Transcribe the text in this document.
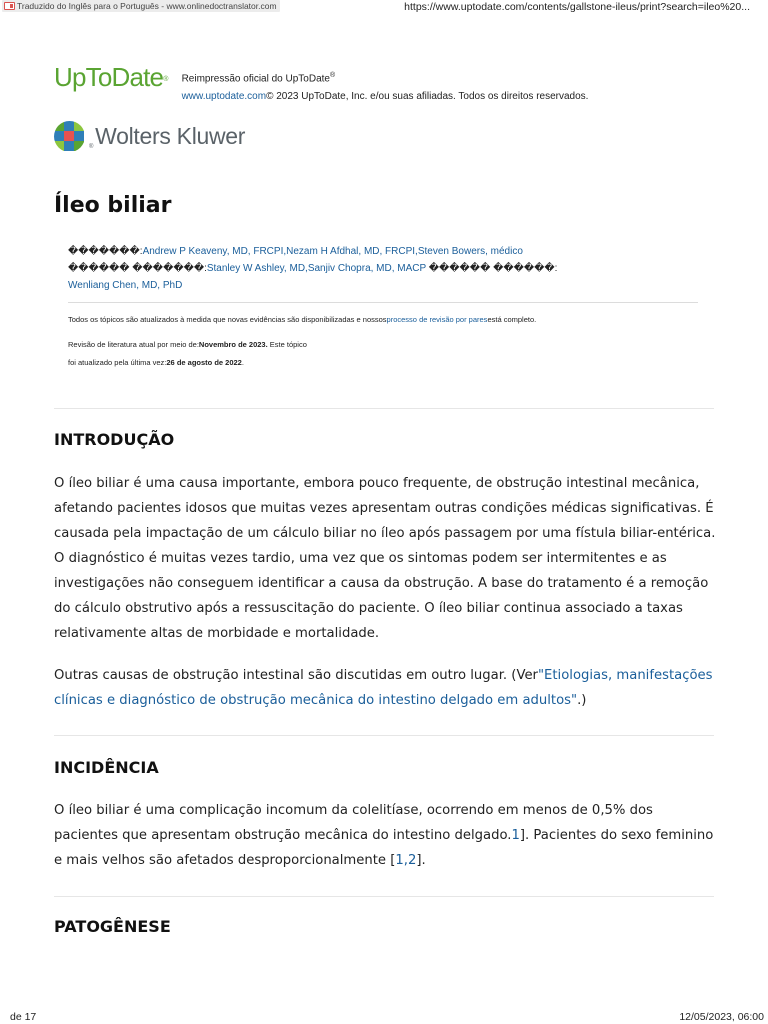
Traduzido do Inglês para o Português - www.onlinedoctranslator.com	https://www.uptodate.com/contents/gallstone-ileus/print?search=ileo%20...
UpToDate® Reimpressão oficial do UpToDate®
www.uptodate.com© 2023 UpToDate, Inc. e/ou suas afiliadas. Todos os direitos reservados.
®Wolters Kluwer
Íleo biliar
�������:Andrew P Keaveny, MD, FRCPI,Nezam H Afdhal, MD, FRCPI,Steven Bowers, médico
������ �������:Stanley W Ashley, MD,Sanjiv Chopra, MD, MACP ������ ������:
Wenliang Chen, MD, PhD
Todos os tópicos são atualizados à medida que novas evidências são disponibilizadas e nossosprocesso de revisão por paresestá completo.
Revisão de literatura atual por meio de:Novembro de 2023. Este tópico
foi atualizado pela última vez:26 de agosto de 2022.
INTRODUÇÃO

O íleo biliar é uma causa importante, embora pouco frequente, de obstrução intestinal mecânica, afetando pacientes idosos que muitas vezes apresentam outras condições médicas significativas. É causada pela impactação de um cálculo biliar no íleo após passagem por uma fístula biliar-entérica. O diagnóstico é muitas vezes tardio, uma vez que os sintomas podem ser intermitentes e as investigações não conseguem identificar a causa da obstrução. A base do tratamento é a remoção do cálculo obstrutivo após a ressuscitação do paciente. O íleo biliar continua associado a taxas relativamente altas de morbidade e mortalidade.

Outras causas de obstrução intestinal são discutidas em outro lugar. (Ver"Etiologias, manifestações clínicas e diagnóstico de obstrução mecânica do intestino delgado em adultos".)

INCIDÊNCIA

O íleo biliar é uma complicação incomum da colelitíase, ocorrendo em menos de 0,5% dos pacientes que apresentam obstrução mecânica do intestino delgado.1]. Pacientes do sexo feminino e mais velhos são afetados desproporcionalmente [1,2].

PATOGÊNESE
de 17	12/05/2023, 06:00
